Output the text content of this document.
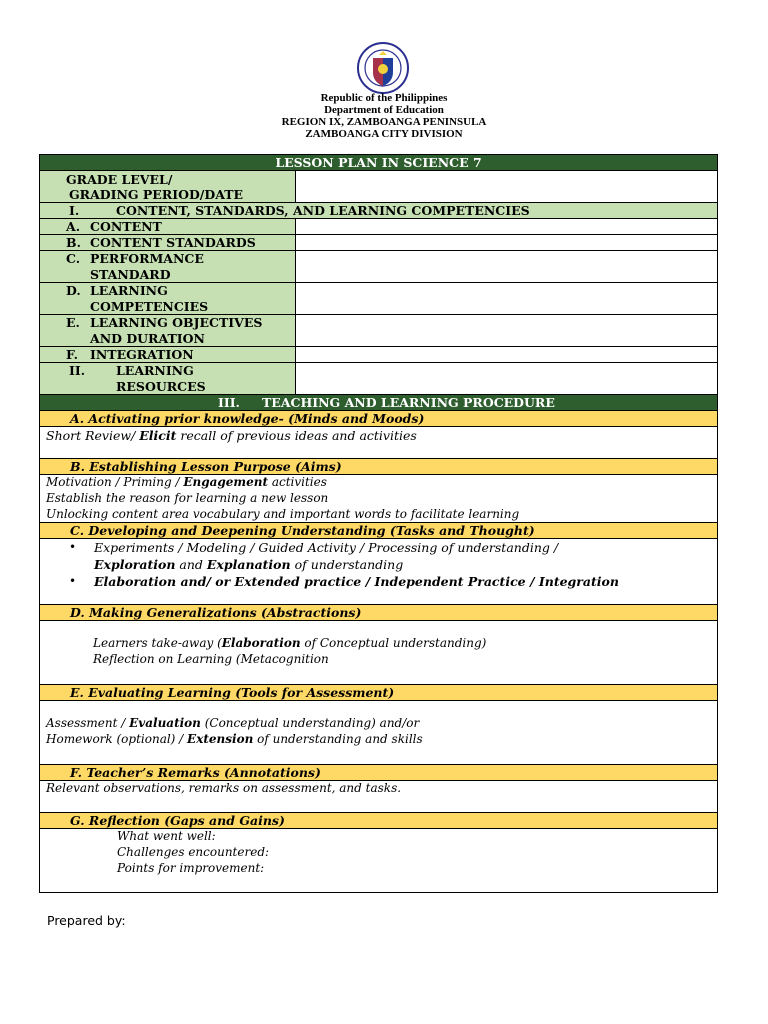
Republic of the Philippines
Department of Education
REGION IX, ZAMBOANGA PENINSULA
ZAMBOANGA CITY DIVISION
LESSON PLAN IN SCIENCE 7
GRADE LEVEL/
GRADING PERIOD/DATE
I.	CONTENT, STANDARDS, AND LEARNING COMPETENCIES
A. CONTENT
B. CONTENT STANDARDS
C. PERFORMANCE
STANDARD
D. LEARNING
COMPETENCIES
E. LEARNING OBJECTIVES
AND DURATION
F. INTEGRATION
II. LEARNING
RESOURCES
III. TEACHING AND LEARNING PROCEDURE
A. Activating prior knowledge- (Minds and Moods)
Short Review/ Elicit recall of previous ideas and activities
B. Establishing Lesson Purpose (Aims)
Motivation / Priming / Engagement activities
Establish the reason for learning a new lesson
Unlocking content area vocabulary and important words to facilitate learning
C. Developing and Deepening Understanding (Tasks and Thought)
• Experiments / Modeling / Guided Activity / Processing of understanding /
Exploration and Explanation of understanding
• Elaboration and/ or Extended practice / Independent Practice / Integration
D. Making Generalizations (Abstractions)
Learners take-away (Elaboration of Conceptual understanding)
Reflection on Learning (Metacognition
E. Evaluating Learning (Tools for Assessment)
Assessment / Evaluation (Conceptual understanding) and/or
Homework (optional) / Extension of understanding and skills
F. Teacher’s Remarks (Annotations)
Relevant observations, remarks on assessment, and tasks.
G. Reflection (Gaps and Gains)
What went well:
Challenges encountered:
Points for improvement:
Prepared by:
